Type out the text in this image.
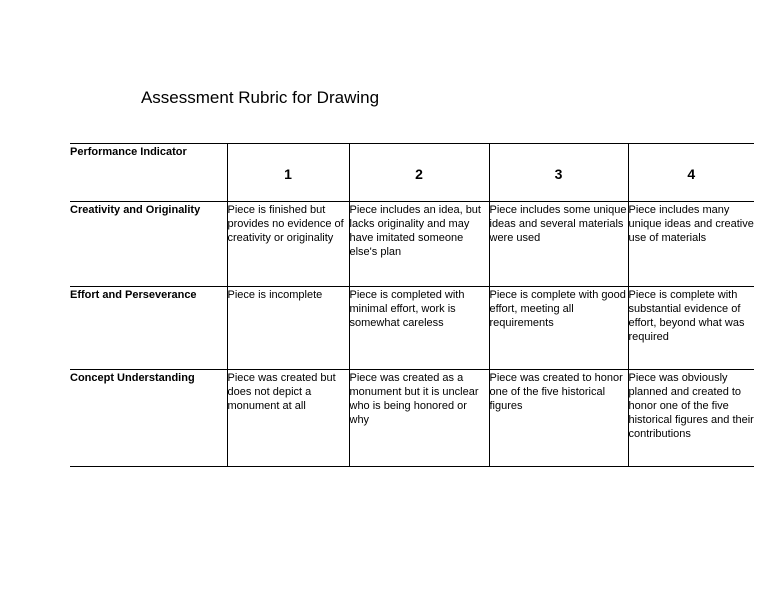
Assessment Rubric for Drawing
Performance Indicator	1	2	3	4
Creativity and Originality	Piece is finished but provides no evidence of creativity or originality	Piece includes an idea, but lacks originality and may have imitated someone else's plan	Piece includes some unique ideas and several materials were used	Piece includes many unique ideas and creative use of materials
Effort and Perseverance	Piece is incomplete	Piece is completed with minimal effort, work is somewhat careless	Piece is complete with good effort, meeting all requirements	Piece is complete with substantial evidence of effort, beyond what was required
Concept Understanding	Piece was created but does not depict a monument at all	Piece was created as a monument but it is unclear who is being honored or why	Piece was created to honor one of the five historical figures	Piece was obviously planned and created to honor one of the five historical figures and their contributions
